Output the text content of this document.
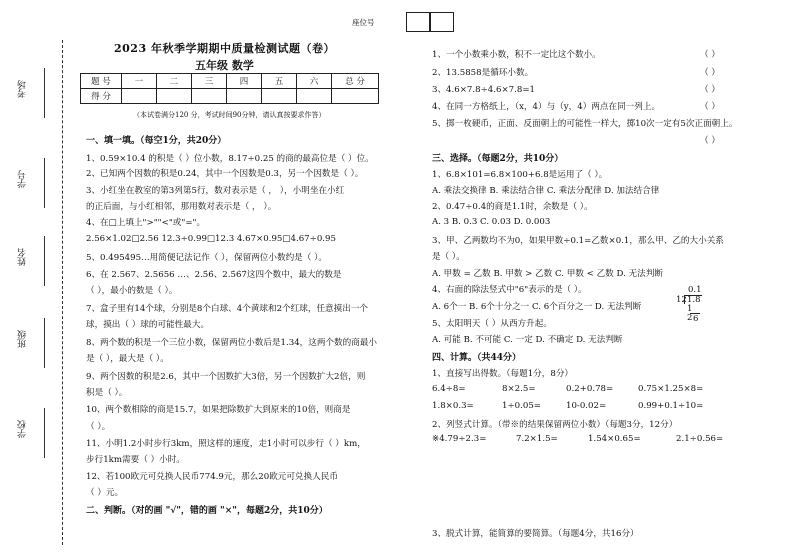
座位号
考场
学号
姓名
班级
学校
2023 年秋季学期期中质量检测试题（卷）
五年级 数学
题 号	一	二	三	四	五	六	总 分
得 分							
（本试卷满分120 分，考试时间90分钟，请认真按要求作答）
一、填一填。（每空1分，共20分）
1、0.59×10.4 的积是（ ）位小数，8.17÷0.25 的商的最高位是（ ）位。
2、已知两个因数的积是0.24，其中一个因数是0.3，另一个因数是（ ）。
3、小红坐在教室的第3列第5行，数对表示是（ ， ），小明坐在小红
的正后面，与小红相邻，那用数对表示是（ ， ）。
4、在□上填上">""<"或"="。
2.56×1.02□2.56 12.3÷0.99□12.3 4.67×0.95□4.67÷0.95
5、0.495495…用简便记法记作（ ），保留两位小数约是（ ）。
6、在 2.567、2.5656 …、2.5̇6̇、2.5̇6̇7̇这四个数中，最大的数是
（ ），最小的数是（ ）。
7、盒子里有14个球，分别是8个白球、4个黄球和2个红球，任意摸出一个
球，摸出（ ）球的可能性最大。
8、两个数的积是一个三位小数，保留两位小数后是1.34，这两个数的商最小
是（ ），最大是（ ）。
9、两个因数的积是2.6，其中一个因数扩大3倍，另一个因数扩大2倍，则
积是（ ）。
10、两个数相除的商是15.7，如果把除数扩大到原来的10倍，则商是
（ ）。
11、小明1.2小时步行3km，照这样的速度，走1小时可以步行（ ）km，
步行1km需要（ ）小时。
12、若100欧元可兑换人民币774.9元，那么20欧元可兑换人民币
（ ）元。
二、判断。（对的画 "√"，错的画 "×"，每题2分，共10分）
1、一个小数乘小数，积不一定比这个数小。	（ ）
2、13.5858是循环小数。	（ ）
3、4.6×7.8÷4.6×7.8=1	（ ）
4、在同一方格纸上，（x，4）与（y，4）两点在同一列上。	（ ）
5、掷一枚硬币，正面、反面朝上的可能性一样大，掷10次一定有5次正面朝上。
（ ）
三、选择。（每题2分，共10分）
1、6.8×101=6.8×100+6.8是运用了（ ）。
A. 乘法交换律 B. 乘法结合律 C. 乘法分配律 D. 加法结合律
2、0.47÷0.4的商是1.1时，余数是（ ）。
A. 3 B. 0.3 C. 0.03 D. 0.003
3、甲、乙两数均不为0，如果甲数÷0.1=乙数×0.1，那么甲、乙的大小关系
是（ ）。
A. 甲数 = 乙数 B. 甲数 > 乙数 C. 甲数 < 乙数 D. 无法判断
4、右面的除法竖式中"6"表示的是（ ）。
A. 6个一 B. 6个十分之一 C. 6个百分之一 D. 无法判断
5、太阳明天（ ）从西方升起。
A. 可能 B. 不可能 C. 一定 D. 不确定 D. 无法判断
0.1
12 1.8
1 2 6
四、计算。（共44分）
1、直接写出得数。（每题1分，8分）
6.4÷8=	8×2.5=	0.2+0.78=	0.75×1.25×8=
1.8×0.3=	1÷0.05=	10-0.02=	0.99+0.1÷10=
2、列竖式计算。（带※的结果保留两位小数）（每题3分，12分）
※4.79÷2.3=	7.2×1.5=	1.54×0.65=	2.1÷0.56=
3、脱式计算，能简算的要简算。（每题4分，共16分）
